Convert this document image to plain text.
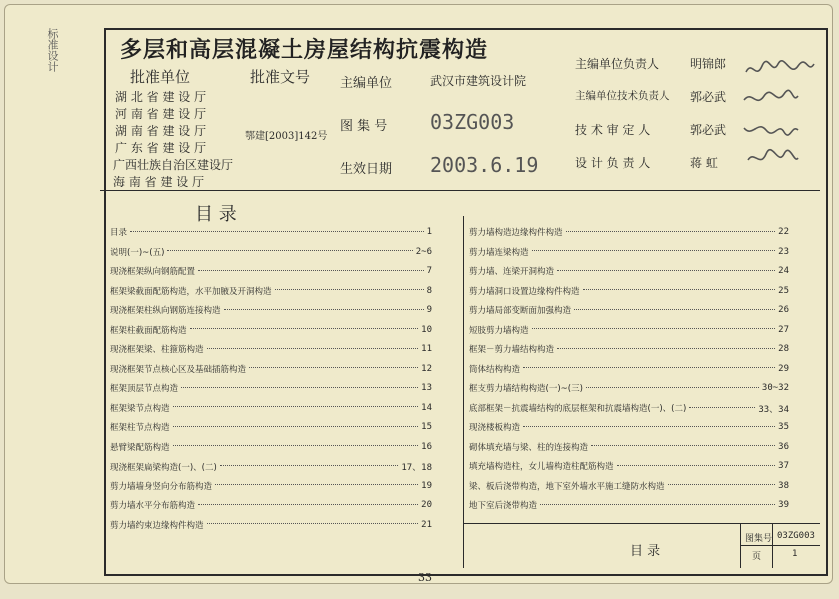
标准设计	多层和高层混凝土房屋结构抗震构造
批准单位	批准文号
湖 北 省 建 设 厅
河 南 省 建 设 厅
湖 南 省 建 设 厅
广 东 省 建 设 厅
广西壮族自治区建设厅
海 南 省 建 设 厅
鄂建[2003]142号
主编单位	武汉市建筑设计院
图 集 号 03ZG003
生效日期 2003.6.19
主编单位负责人	明锦郎
主编单位技术负责人 郭必武
技 术 审 定 人	郭必武
设 计 负 责 人	蒋 虹
目 录
目录	1
说明(一)~(五)	2~6
现浇框架纵向钢筋配置	7
框架梁截面配筋构造，水平加腋及开洞构造	8
现浇框架柱纵向钢筋连接构造	9
框架柱截面配筋构造	10
现浇框架梁、柱箍筋构造	11
现浇框架节点核心区及基础插筋构造	12
框架顶层节点构造	13
框架梁节点构造	14
框架柱节点构造	15
悬臂梁配筋构造	16
现浇框架扁梁构造(一)、(二)	17、18
剪力墙墙身竖向分布筋构造	19
剪力墙水平分布筋构造	20
剪力墙约束边缘构件构造	21
剪力墙构造边缘构件构造	22
剪力墙连梁构造	23
剪力墙、连梁开洞构造	24
剪力墙洞口设置边缘构件构造	25
剪力墙局部变断面加强构造	26
短肢剪力墙构造	27
框架－剪力墙结构构造	28
筒体结构构造	29
框支剪力墙结构构造(一)~(三)	30~32
底部框架－抗震墙结构的底层框架和抗震墙构造(一)、(二)	33、34
现浇楼板构造	35
砌体填充墙与梁、柱的连接构造	36
填充墙构造柱，女儿墙构造柱配筋构造	37
梁、板后浇带构造，地下室外墙水平施工缝防水构造	38
地下室后浇带构造	39
目 录
图集号 03ZG003
页	1
33
